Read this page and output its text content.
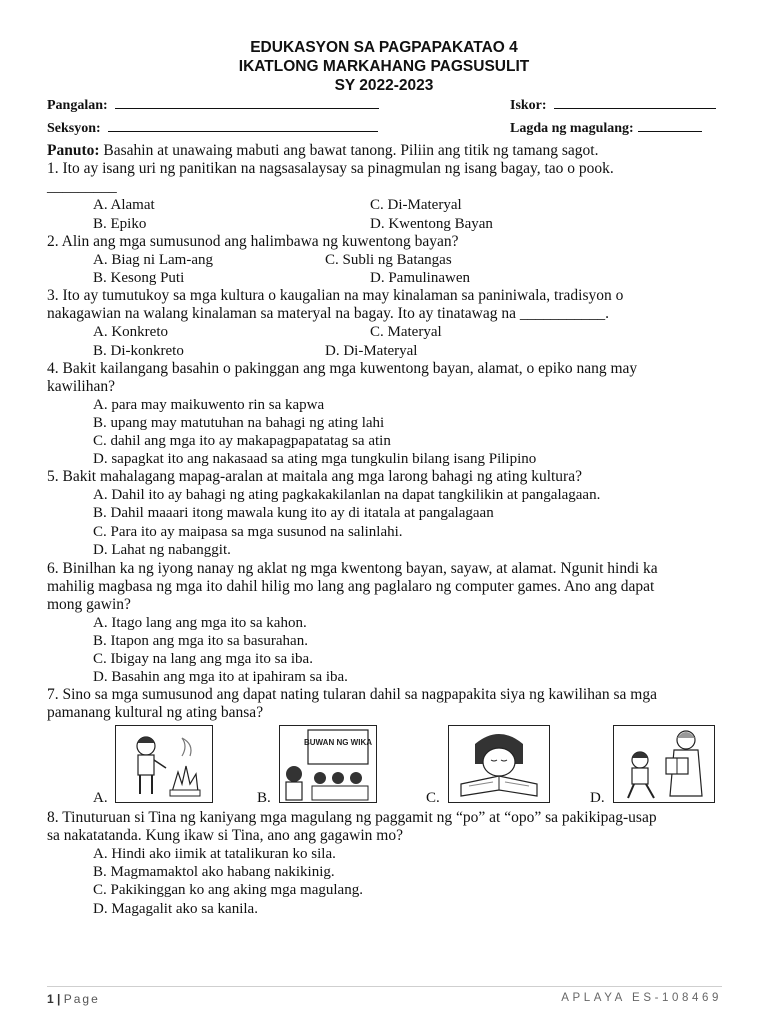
EDUKASYON SA PAGPAPAKATAO 4
IKATLONG MARKAHANG PAGSUSULIT
SY 2022-2023
Pangalan:
Seksyon:
Iskor:
Lagda ng magulang:
Panuto: Basahin at unawaing mabuti ang bawat tanong. Piliin ang titik ng tamang sagot.
1. Ito ay isang uri ng panitikan na nagsasalaysay sa pinagmulan ng isang bagay, tao o pook.
_________
A. Alamat	C. Di-Materyal
B. Epiko	D. Kwentong Bayan
2. Alin ang mga sumusunod ang halimbawa ng kuwentong bayan?
A. Biag ni Lam-ang	C. Subli ng Batangas
B. Kesong Puti	D. Pamulinawen
3. Ito ay tumutukoy sa mga kultura o kaugalian na may kinalaman sa paniniwala, tradisyon o
nakagawian na walang kinalaman sa materyal na bagay. Ito ay tinatawag na ___________.
A. Konkreto	C. Materyal
B. Di-konkreto	D. Di-Materyal
4. Bakit kailangang basahin o pakinggan ang mga kuwentong bayan, alamat, o epiko nang may
kawilihan?
A. para may maikuwento rin sa kapwa
B. upang may matutuhan na bahagi ng ating lahi
C. dahil ang mga ito ay makapagpapatatag sa atin
D. sapagkat ito ang nakasaad sa ating mga tungkulin bilang isang Pilipino
5. Bakit mahalagang mapag-aralan at maitala ang mga larong bahagi ng ating kultura?
A. Dahil ito ay bahagi ng ating pagkakakilanlan na dapat tangkilikin at pangalagaan.
B. Dahil maaari itong mawala kung ito ay di itatala at pangalagaan
C. Para ito ay maipasa sa mga susunod na salinlahi.
D. Lahat ng nabanggit.
6. Binilhan ka ng iyong nanay ng aklat ng mga kwentong bayan, sayaw, at alamat. Ngunit hindi ka
mahilig magbasa ng mga ito dahil hilig mo lang ang paglalaro ng computer games. Ano ang dapat
mong gawin?
A. Itago lang ang mga ito sa kahon.
B. Itapon ang mga ito sa basurahan.
C. Ibigay na lang ang mga ito sa iba.
D. Basahin ang mga ito at ipahiram sa iba.
7. Sino sa mga sumusunod ang dapat nating tularan dahil sa nagpapakita siya ng kawilihan sa mga
pamanang kultural ng ating bansa?
A.	B.	C.	D.
BUWAN NG WIKA
8. Tinuturuan si Tina ng kaniyang mga magulang ng paggamit ng “po” at “opo” sa pakikipag-usap
sa nakatatanda. Kung ikaw si Tina, ano ang gagawin mo?
A. Hindi ako iimik at tatalikuran ko sila.
B. Magmamaktol ako habang nakikinig.
C. Pakikinggan ko ang aking mga magulang.
D. Magagalit ako sa kanila.
1 | Page	APLAYA ES-108469
